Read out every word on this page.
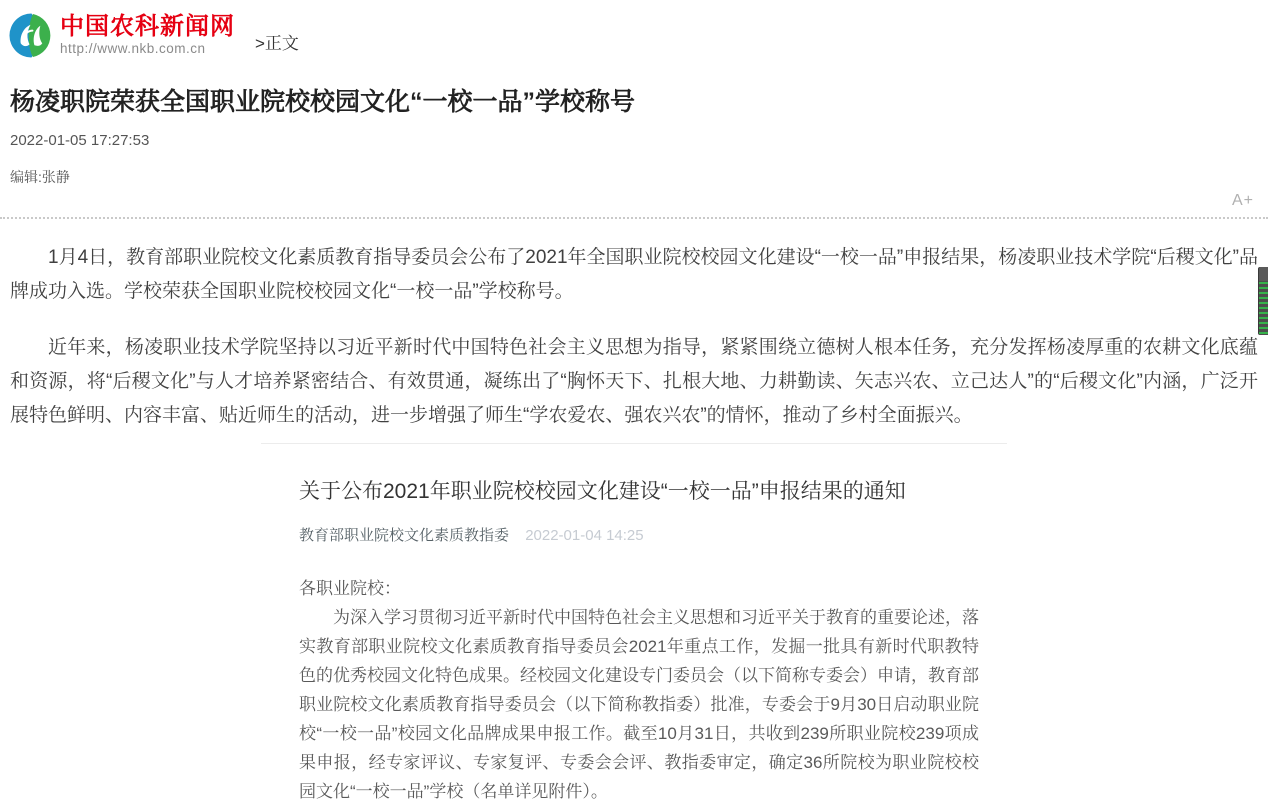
中国农科新闻网
http://www.nkb.com.cn	>正文
杨凌职院荣获全国职业院校校园文化“一校一品”学校称号
2022-01-05 17:27:53
编辑:张静
A+

1月4日，教育部职业院校文化素质教育指导委员会公布了2021年全国职业院校校园文化建设“一校一品”申报结果，杨凌职业技术学院“后稷文化”品牌成功入选。学校荣获全国职业院校校园文化“一校一品”学校称号。

近年来，杨凌职业技术学院坚持以习近平新时代中国特色社会主义思想为指导，紧紧围绕立德树人根本任务，充分发挥杨凌厚重的农耕文化底蕴和资源，将“后稷文化”与人才培养紧密结合、有效贯通，凝练出了“胸怀天下、扎根大地、力耕勤读、矢志兴农、立己达人”的“后稷文化”内涵，广泛开展特色鲜明、内容丰富、贴近师生的活动，进一步增强了师生“学农爱农、强农兴农”的情怀，推动了乡村全面振兴。

关于公布2021年职业院校校园文化建设“一校一品”申报结果的通知
教育部职业院校文化素质教指委 2022-01-04 14:25
各职业院校：

为深入学习贯彻习近平新时代中国特色社会主义思想和习近平关于教育的重要论述，落实教育部职业院校文化素质教育指导委员会2021年重点工作，发掘一批具有新时代职教特色的优秀校园文化特色成果。经校园文化建设专门委员会（以下简称专委会）申请，教育部职业院校文化素质教育指导委员会（以下简称教指委）批准，专委会于9月30日启动职业院校“一校一品”校园文化品牌成果申报工作。截至10月31日，共收到239所职业院校239项成果申报，经专家评议、专家复评、专委会会评、教指委审定，确定36所院校为职业院校校园文化“一校一品”学校（名单详见附件）。
